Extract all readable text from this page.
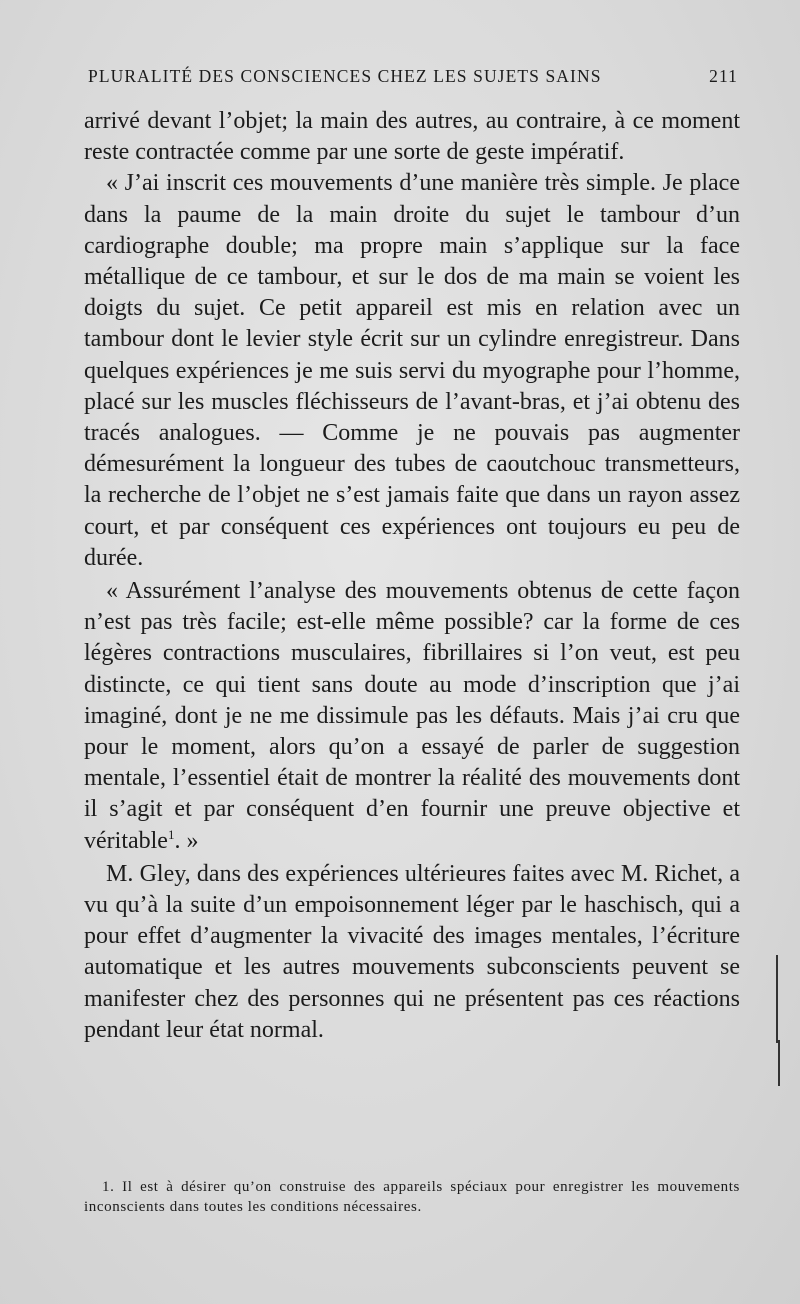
PLURALITÉ DES CONSCIENCES CHEZ LES SUJETS SAINS	211

arrivé devant l’objet; la main des autres, au contraire, à ce moment reste contractée comme par une sorte de geste impératif.

« J’ai inscrit ces mouvements d’une manière très simple. Je place dans la paume de la main droite du sujet le tambour d’un cardiographe double; ma propre main s’applique sur la face métallique de ce tambour, et sur le dos de ma main se voient les doigts du sujet. Ce petit appareil est mis en relation avec un tambour dont le levier style écrit sur un cylindre enregistreur. Dans quelques expériences je me suis servi du myographe pour l’homme, placé sur les muscles fléchisseurs de l’avant-bras, et j’ai obtenu des tracés analogues. — Comme je ne pouvais pas augmenter démesurément la longueur des tubes de caoutchouc transmetteurs, la recherche de l’objet ne s’est jamais faite que dans un rayon assez court, et par conséquent ces expériences ont toujours eu peu de durée.

« Assurément l’analyse des mouvements obtenus de cette façon n’est pas très facile; est-elle même possible? car la forme de ces légères contractions musculaires, fibrillaires si l’on veut, est peu distincte, ce qui tient sans doute au mode d’inscription que j’ai imaginé, dont je ne me dissimule pas les défauts. Mais j’ai cru que pour le moment, alors qu’on a essayé de parler de suggestion mentale, l’essentiel était de montrer la réalité des mouvements dont il s’agit et par conséquent d’en fournir une preuve objective et véritable$^1$. »

M. Gley, dans des expériences ultérieures faites avec M. Richet, a vu qu’à la suite d’un empoisonnement léger par le haschisch, qui a pour effet d’augmenter la vivacité des images mentales, l’écriture automatique et les autres mouvements subconscients peuvent se manifester chez des personnes qui ne présentent pas ces réactions pendant leur état normal.

1. Il est à désirer qu’on construise des appareils spéciaux pour enregistrer les mouvements inconscients dans toutes les conditions nécessaires.
